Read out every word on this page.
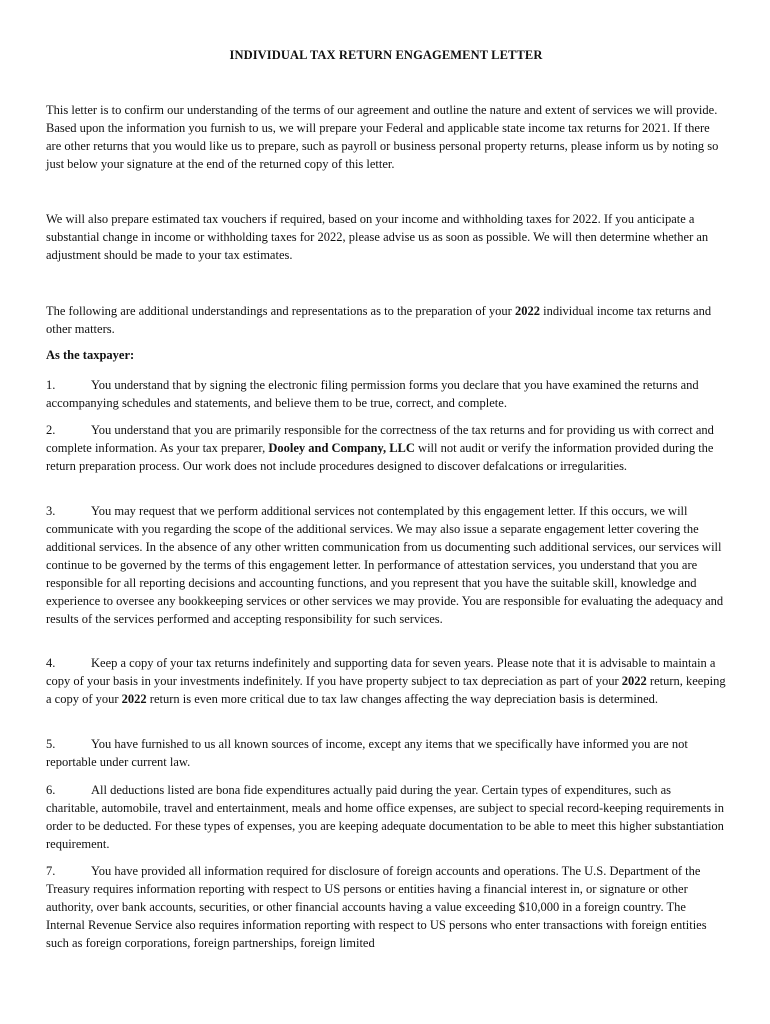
INDIVIDUAL TAX RETURN ENGAGEMENT LETTER

This letter is to confirm our understanding of the terms of our agreement and outline the nature and extent of services we will provide. Based upon the information you furnish to us, we will prepare your Federal and applicable state income tax returns for 2021. If there are other returns that you would like us to prepare, such as payroll or business personal property returns, please inform us by noting so just below your signature at the end of the returned copy of this letter.

We will also prepare estimated tax vouchers if required, based on your income and withholding taxes for 2022. If you anticipate a substantial change in income or withholding taxes for 2022, please advise us as soon as possible. We will then determine whether an adjustment should be made to your tax estimates.

The following are additional understandings and representations as to the preparation of your 2022 individual income tax returns and other matters.

As the taxpayer:

1.	You understand that by signing the electronic filing permission forms you declare that you have examined the returns and accompanying schedules and statements, and believe them to be true, correct, and complete.

2.	You understand that you are primarily responsible for the correctness of the tax returns and for providing us with correct and complete information. As your tax preparer, Dooley and Company, LLC will not audit or verify the information provided during the return preparation process. Our work does not include procedures designed to discover defalcations or irregularities.

3.	You may request that we perform additional services not contemplated by this engagement letter. If this occurs, we will communicate with you regarding the scope of the additional services. We may also issue a separate engagement letter covering the additional services. In the absence of any other written communication from us documenting such additional services, our services will continue to be governed by the terms of this engagement letter. In performance of attestation services, you understand that you are responsible for all reporting decisions and accounting functions, and you represent that you have the suitable skill, knowledge and experience to oversee any bookkeeping services or other services we may provide. You are responsible for evaluating the adequacy and results of the services performed and accepting responsibility for such services.

4.	Keep a copy of your tax returns indefinitely and supporting data for seven years. Please note that it is advisable to maintain a copy of your basis in your investments indefinitely. If you have property subject to tax depreciation as part of your 2022 return, keeping a copy of your 2022 return is even more critical due to tax law changes affecting the way depreciation basis is determined.

5.	You have furnished to us all known sources of income, except any items that we specifically have informed you are not reportable under current law.

6.	All deductions listed are bona fide expenditures actually paid during the year. Certain types of expenditures, such as charitable, automobile, travel and entertainment, meals and home office expenses, are subject to special record-keeping requirements in order to be deducted. For these types of expenses, you are keeping adequate documentation to be able to meet this higher substantiation requirement.

7.	You have provided all information required for disclosure of foreign accounts and operations. The U.S. Department of the Treasury requires information reporting with respect to US persons or entities having a financial interest in, or signature or other authority, over bank accounts, securities, or other financial accounts having a value exceeding $10,000 in a foreign country. The Internal Revenue Service also requires information reporting with respect to US persons who enter transactions with foreign entities such as foreign corporations, foreign partnerships, foreign limited
